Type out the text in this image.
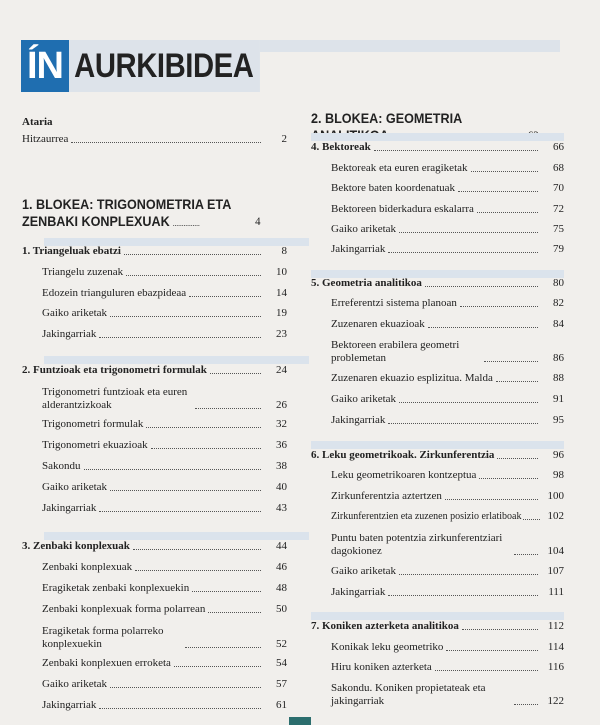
ÍN AURKIBIDEA
Ataria
Hitzaurrea	2
1. BLOKEA: TRIGONOMETRIA ETA
ZENBAKI KONPLEXUAK	4
1. Triangeluak ebatzi	8
Triangelu zuzenak	10
Edozein trianguluren ebazpideaa	14
Gaiko ariketak	19
Jakingarriak	23
2. Funtzioak eta trigonometri formulak	24
Trigonometri funtzioak eta euren alderantzizkoak	26
Trigonometri formulak	32
Trigonometri ekuazioak	36
Sakondu	38
Gaiko ariketak	40
Jakingarriak	43
3. Zenbaki konplexuak	44
Zenbaki konplexuak	46
Eragiketak zenbaki konplexuekin	48
Zenbaki konplexuak forma polarrean	50
Eragiketak forma polarreko konplexuekin	52
Zenbaki konplexuen erroketa	54
Gaiko ariketak	57
Jakingarriak	61
2. BLOKEA: GEOMETRIA
4. Bektoreak	66
Bektoreak eta euren eragiketak	68
Bektore baten koordenatuak	70
Bektoreen biderkadura eskalarra	72
Gaiko ariketak	75
Jakingarriak	79
5. Geometria analitikoa	80
Erreferentzi sistema planoan	82
Zuzenaren ekuazioak	84
Bektoreen erabilera geometri problemetan	86
Zuzenaren ekuazio esplizitua. Malda	88
Gaiko ariketak	91
Jakingarriak	95
6. Leku geometrikoak. Zirkunferentzia	96
Leku geometrikoaren kontzeptua	98
Zirkunferentzia aztertzen	100
Zirkunferentzien eta zuzenen posizio erlatiboak	102
Puntu baten potentzia zirkunferentziari dagokionez	104
Gaiko ariketak	107
Jakingarriak	111
7. Koniken azterketa analitikoa	112
Konikak leku geometriko	114
Hiru koniken azterketa	116
Sakondu. Koniken propietateak eta jakingarriak	122
